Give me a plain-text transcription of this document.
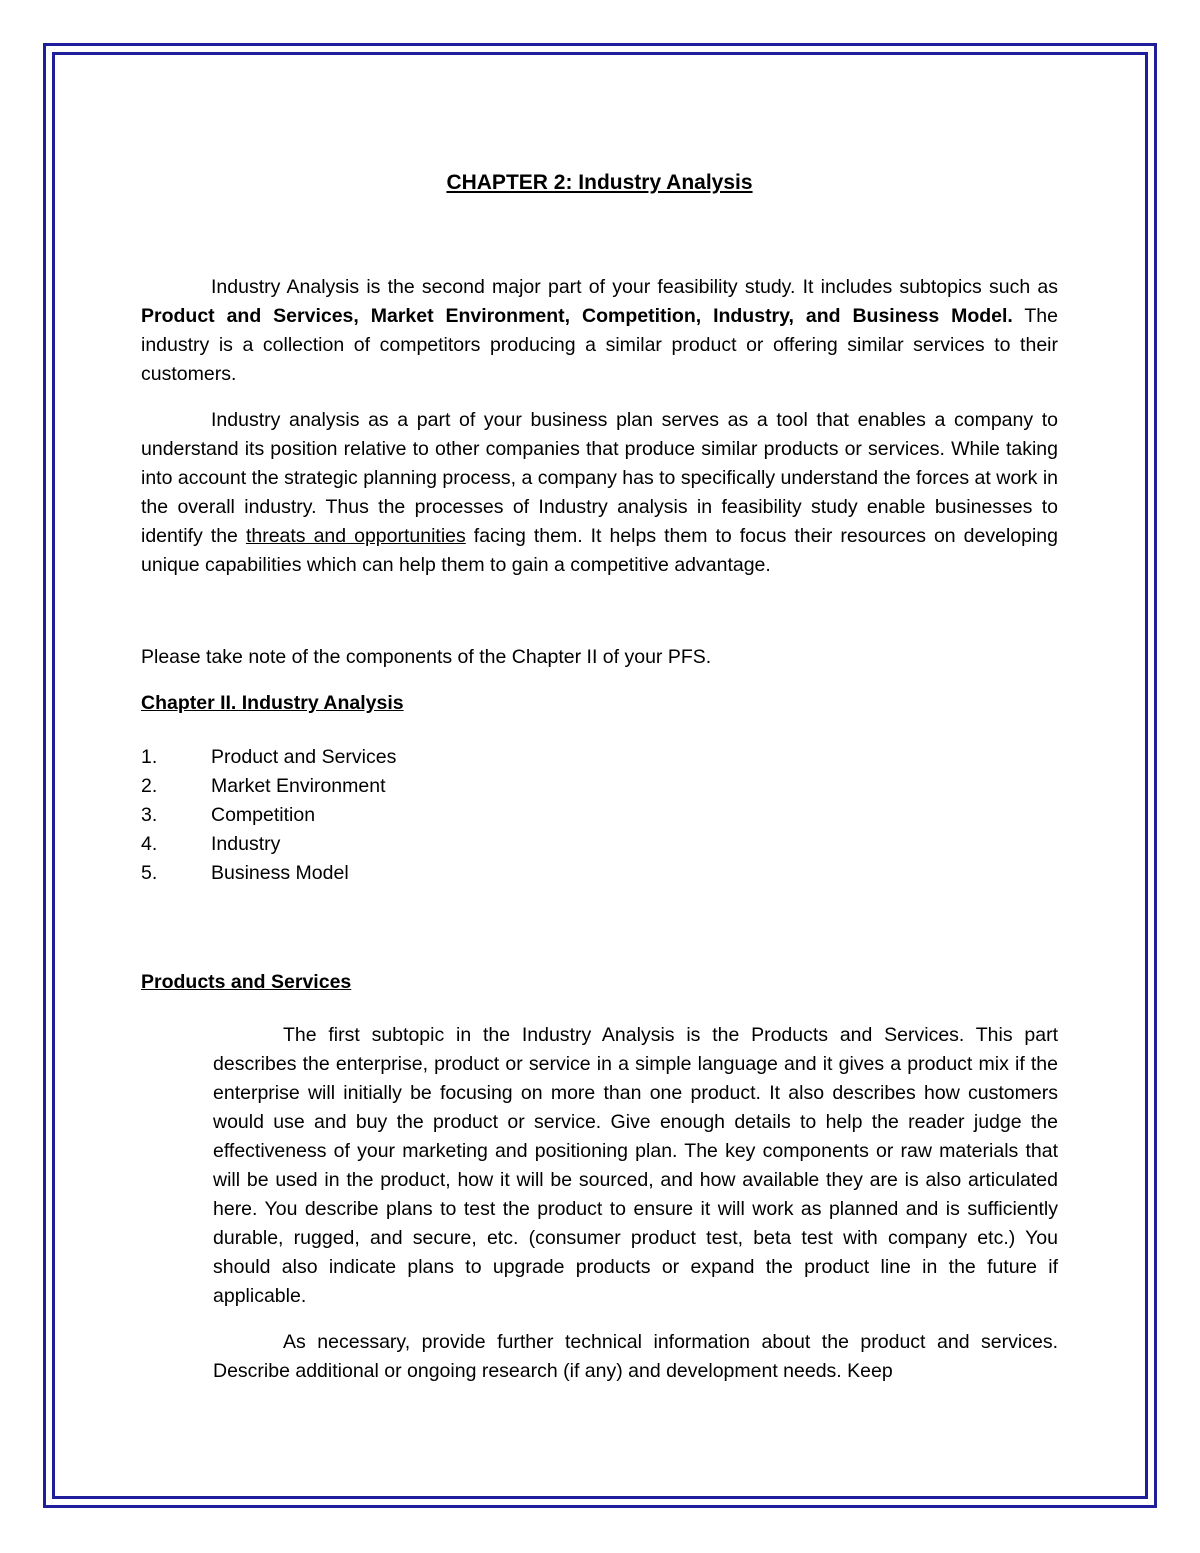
CHAPTER 2: Industry Analysis

Industry Analysis is the second major part of your feasibility study. It includes subtopics such as Product and Services, Market Environment, Competition, Industry, and Business Model. The industry is a collection of competitors producing a similar product or offering similar services to their customers.

Industry analysis as a part of your business plan serves as a tool that enables a company to understand its position relative to other companies that produce similar products or services. While taking into account the strategic planning process, a company has to specifically understand the forces at work in the overall industry. Thus the processes of Industry analysis in feasibility study enable businesses to identify the threats and opportunities facing them. It helps them to focus their resources on developing unique capabilities which can help them to gain a competitive advantage.

Please take note of the components of the Chapter II of your PFS.

Chapter II. Industry Analysis

1.	Product and Services
2.	Market Environment
3.	Competition
4.	Industry
5.	Business Model

Products and Services

The first subtopic in the Industry Analysis is the Products and Services. This part describes the enterprise, product or service in a simple language and it gives a product mix if the enterprise will initially be focusing on more than one product. It also describes how customers would use and buy the product or service. Give enough details to help the reader judge the effectiveness of your marketing and positioning plan. The key components or raw materials that will be used in the product, how it will be sourced, and how available they are is also articulated here. You describe plans to test the product to ensure it will work as planned and is sufficiently durable, rugged, and secure, etc. (consumer product test, beta test with company etc.) You should also indicate plans to upgrade products or expand the product line in the future if applicable.

As necessary, provide further technical information about the product and services. Describe additional or ongoing research (if any) and development needs. Keep
